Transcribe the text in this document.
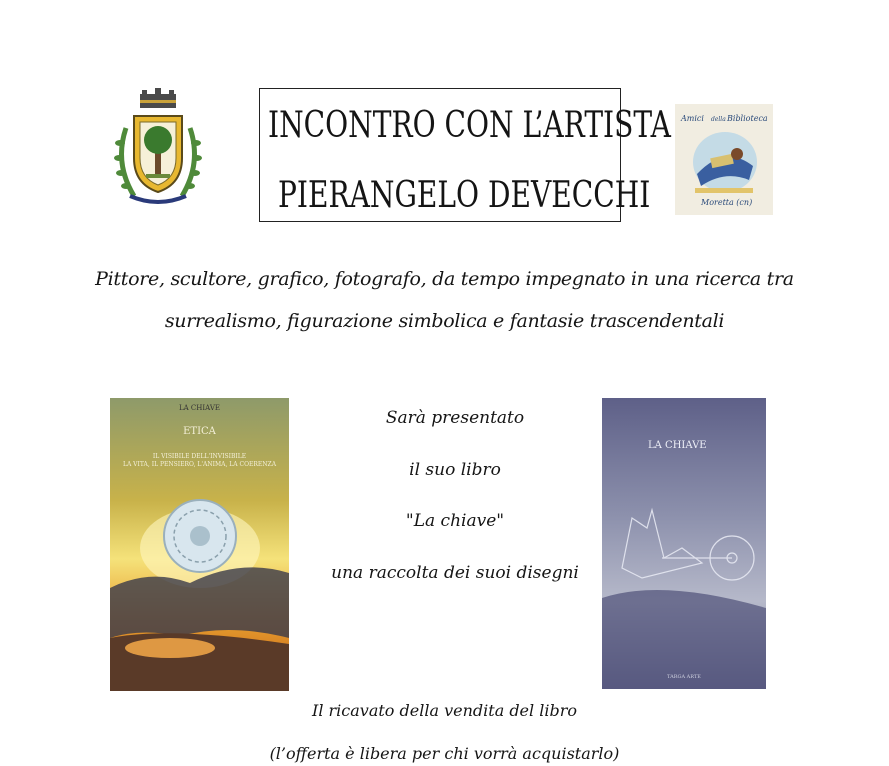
INCONTRO CON L’ARTISTA
PIERANGELO DEVECCHI
Amici della Biblioteca
Moretta (cn)
Pittore, scultore, grafico, fotografo, da tempo impegnato in una ricerca tra
surrealismo, figurazione simbolica e fantasie trascendentali
LA CHIAVE
ETICA
IL VISIBILE DELL'INVISIBILE
LA VITA, IL PENSIERO, L'ANIMA, LA COERENZA
Sarà presentato
il suo libro
"La chiave"
una raccolta dei suoi disegni
LA CHIAVE
TARGA ARTE
Il ricavato della vendita del libro
(l’offerta è libera per chi vorrà acquistarlo)
